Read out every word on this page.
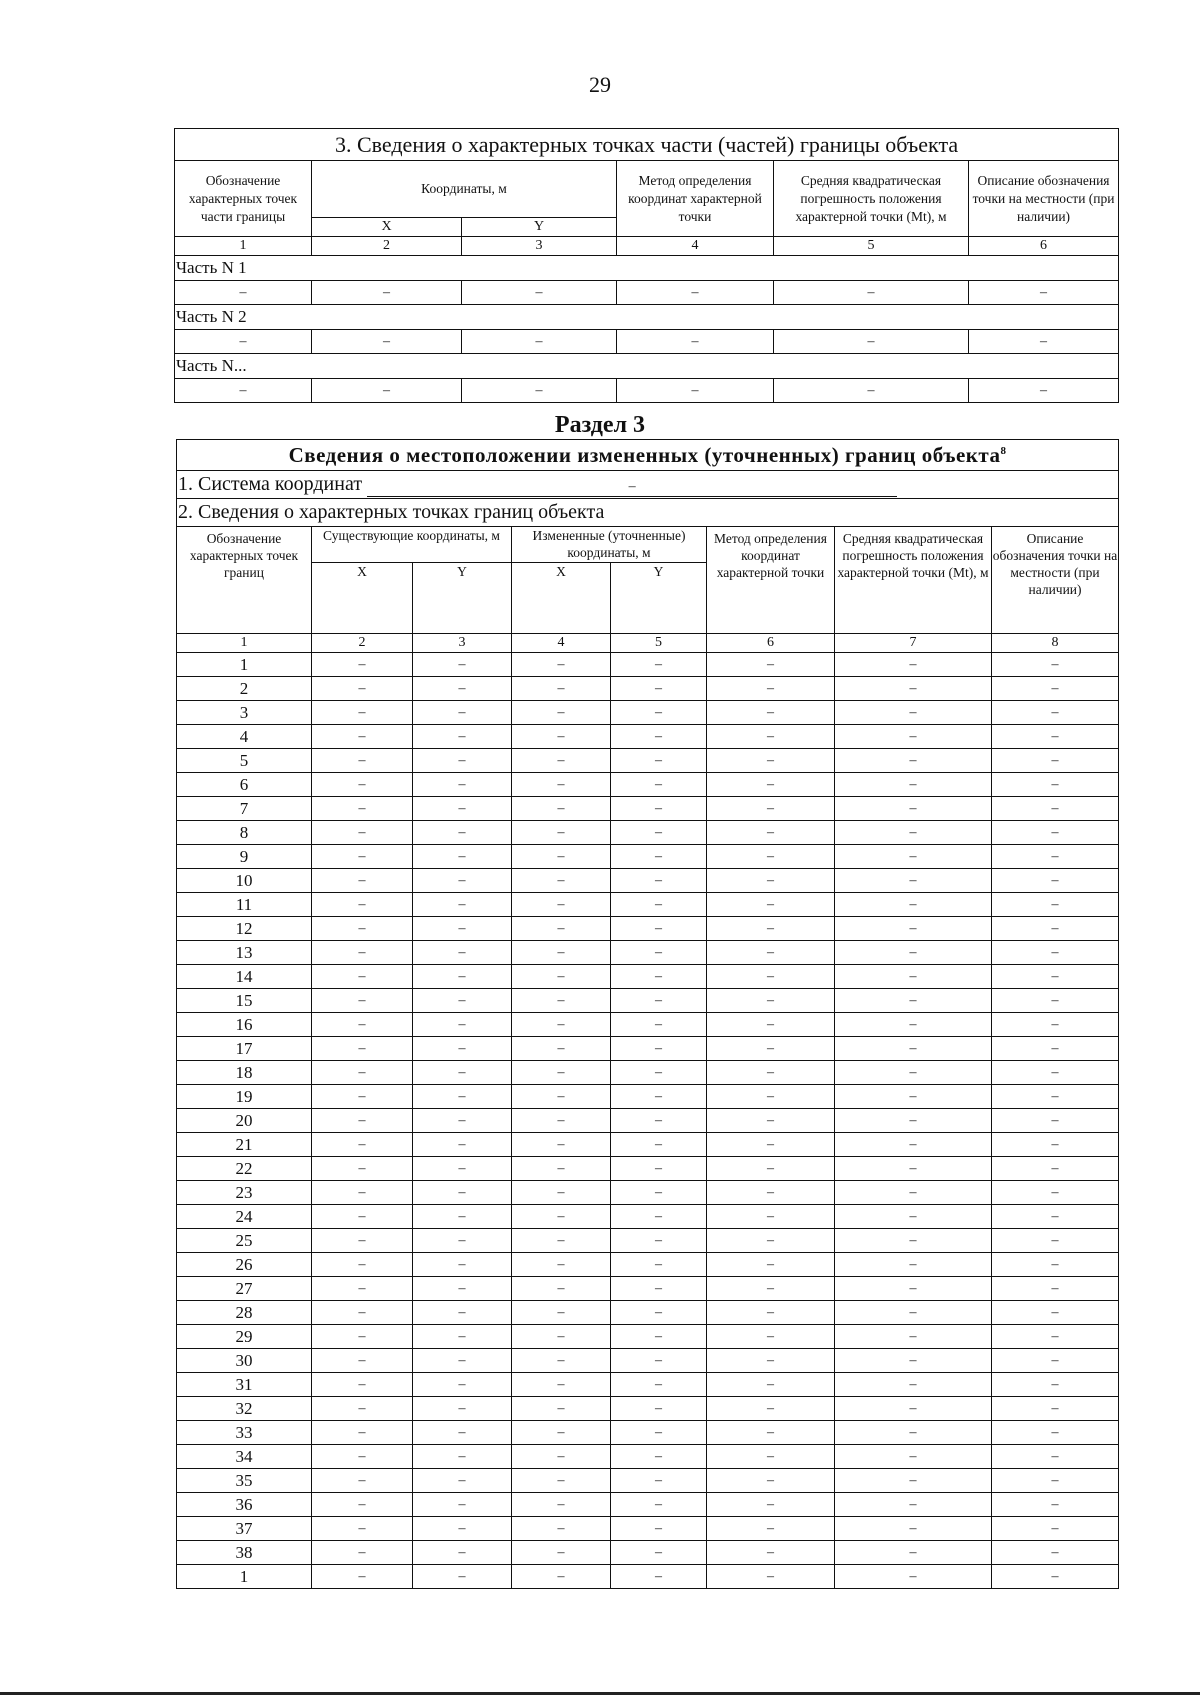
29
3. Сведения о характерных точках части (частей) границы объекта					
Обозначение характерных точек части границы	Координаты, м		Метод определения координат характерной точки	Средняя квадратическая погрешность положения характерной точки (Mt), м	Описание обозначения точки на местности (при наличии)
	X	Y			
1	2	3	4	5	6
Часть N 1					
–	–	–	–	–	–
Часть N 2					
–	–	–	–	–	–
Часть N...					
–	–	–	–	–	–
Раздел 3
Сведения о местоположении измененных (уточненных) границ объекта$^8$
1. Система координат –							
2. Сведения о характерных точках границ объекта							
Обозначение характерных точек границ	Существующие координаты, м		Измененные (уточненные) координаты, м		Метод определения координат характерной точки	Средняя квадратическая погрешность положения характерной точки (Mt), м	Описание обозначения точки на местности (при наличии)
	X	Y	X	Y			
1	2	3	4	5	6	7	8
1	–	–	–	–	–	–	–
2	–	–	–	–	–	–	–
3	–	–	–	–	–	–	–
4	–	–	–	–	–	–	–
5	–	–	–	–	–	–	–
6	–	–	–	–	–	–	–
7	–	–	–	–	–	–	–
8	–	–	–	–	–	–	–
9	–	–	–	–	–	–	–
10	–	–	–	–	–	–	–
11	–	–	–	–	–	–	–
12	–	–	–	–	–	–	–
13	–	–	–	–	–	–	–
14	–	–	–	–	–	–	–
15	–	–	–	–	–	–	–
16	–	–	–	–	–	–	–
17	–	–	–	–	–	–	–
18	–	–	–	–	–	–	–
19	–	–	–	–	–	–	–
20	–	–	–	–	–	–	–
21	–	–	–	–	–	–	–
22	–	–	–	–	–	–	–
23	–	–	–	–	–	–	–
24	–	–	–	–	–	–	–
25	–	–	–	–	–	–	–
26	–	–	–	–	–	–	–
27	–	–	–	–	–	–	–
28	–	–	–	–	–	–	–
29	–	–	–	–	–	–	–
30	–	–	–	–	–	–	–
31	–	–	–	–	–	–	–
32	–	–	–	–	–	–	–
33	–	–	–	–	–	–	–
34	–	–	–	–	–	–	–
35	–	–	–	–	–	–	–
36	–	–	–	–	–	–	–
37	–	–	–	–	–	–	–
38	–	–	–	–	–	–	–
1	–	–	–	–	–	–	–
